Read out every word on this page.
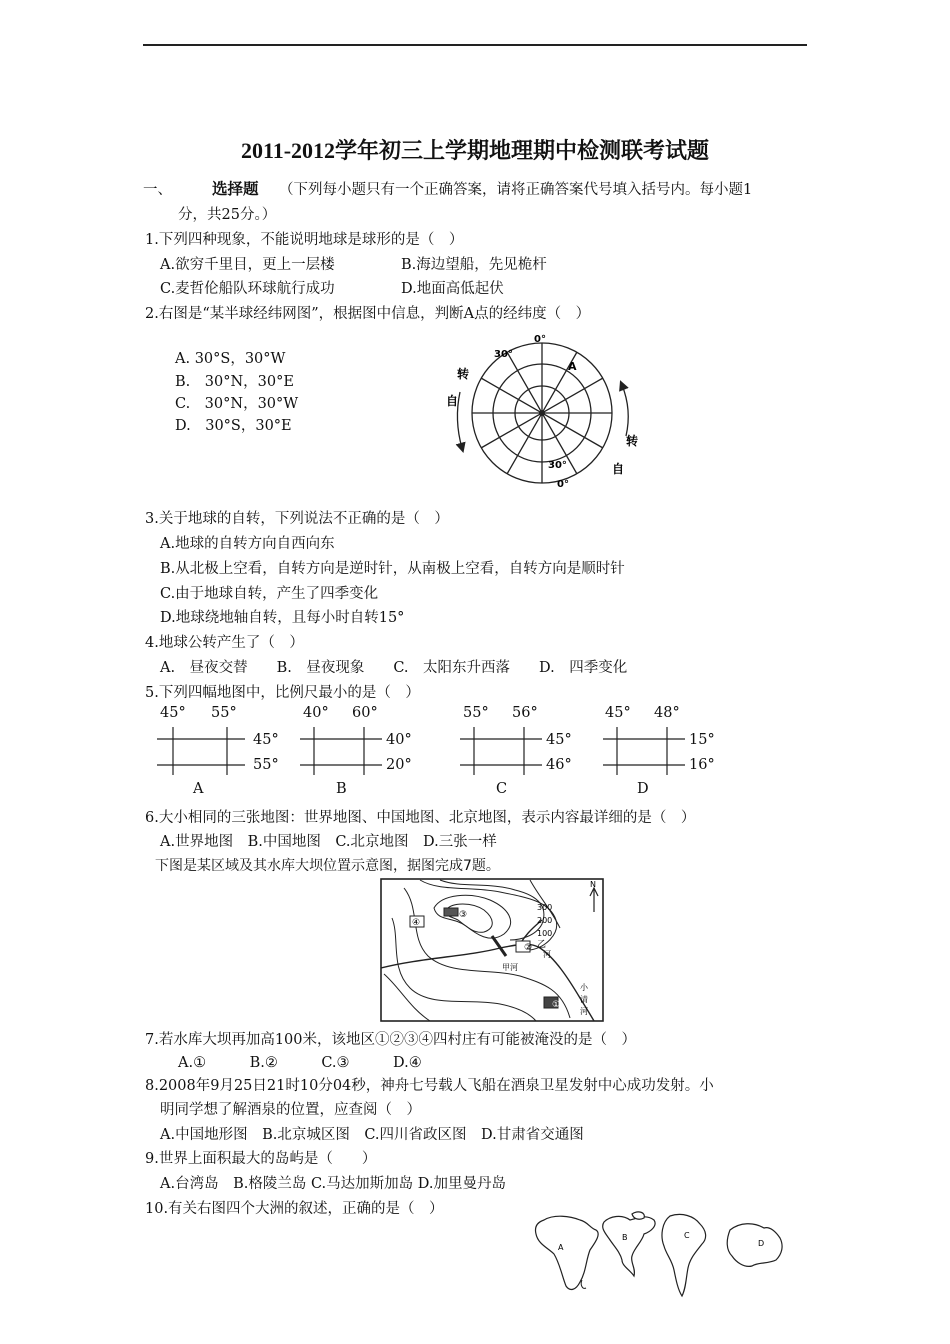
2011-2012学年初三上学期地理期中检测联考试题
一、	选择题 （下列每小题只有一个正确答案，请将正确答案代号填入括号内。每小题1
分，共25分。）
1.下列四种现象，不能说明地球是球形的是（　）
A.欲穷千里目，更上一层楼	B.海边望船，先见桅杆
C.麦哲伦船队环球航行成功	D.地面高低起伏
2.右图是“某半球经纬网图”，根据图中信息，判断A点的经纬度（　）
A. 30°S，30°W
B.　30°N，30°E
C.　30°N，30°W
D.　30°S，30°E
0°
30°
A
30°
0°
自
转
自
转
3.关于地球的自转，下列说法不正确的是（　）
A.地球的自转方向自西向东
B.从北极上空看，自转方向是逆时针，从南极上空看，自转方向是顺时针
C.由于地球自转，产生了四季变化
D.地球绕地轴自转，且每小时自转15°
4.地球公转产生了（　）
A.　昼夜交替　　B.　昼夜现象　　C.　太阳东升西落　　D.　四季变化
5.下列四幅地图中，比例尺最小的是（　）
45° 55°
45°
55°
A
40° 60°
40°
20°
B
55° 56°
45°
46°
C
45° 48°
15°
16°
D
6.大小相同的三张地图：世界地图、中国地图、北京地图，表示内容最详细的是（　）
A.世界地图　B.中国地图　C.北京地图　D.三张一样
下图是某区域及其水库大坝位置示意图，据图完成7题。
N
300
200
100
乙
河
甲河
小
清
河
①
②
③
④
7.若水库大坝再加高100米，该地区①②③④四村庄有可能被淹没的是（　）
A.①　　　B.②　　　C.③　　　D.④
8.2008年9月25日21时10分04秒，神舟七号载人飞船在酒泉卫星发射中心成功发射。小
明同学想了解酒泉的位置，应查阅（　）
A.中国地形图　B.北京城区图　C.四川省政区图　D.甘肃省交通图
9.世界上面积最大的岛屿是（　　）
A.台湾岛　B.格陵兰岛 C.马达加斯加岛 D.加里曼丹岛
10.有关右图四个大洲的叙述，正确的是（　）
A
B	C
D
